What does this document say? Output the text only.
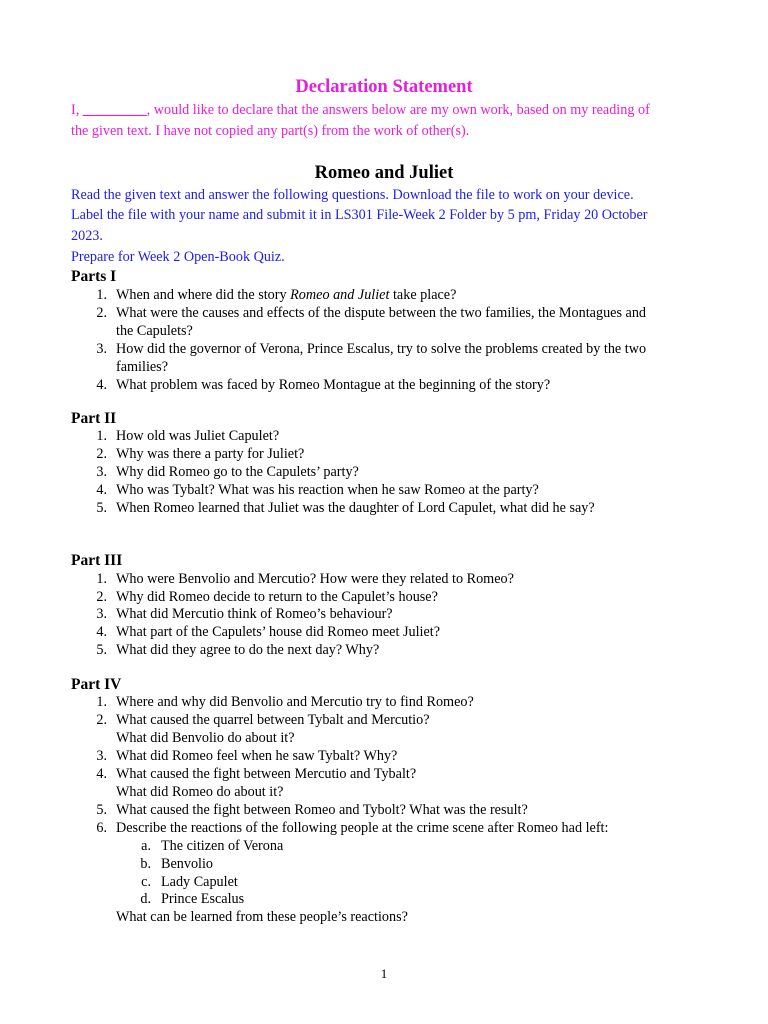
Declaration Statement
I, _________, would like to declare that the answers below are my own work, based on my reading of
the given text. I have not copied any part(s) from the work of other(s).
Romeo and Juliet
Read the given text and answer the following questions. Download the file to work on your device.
Label the file with your name and submit it in LS301 File-Week 2 Folder by 5 pm, Friday 20 October
2023.
Prepare for Week 2 Open-Book Quiz.
Parts I
1. When and where did the story Romeo and Juliet take place?
2. What were the causes and effects of the dispute between the two families, the Montagues and
the Capulets?
3. How did the governor of Verona, Prince Escalus, try to solve the problems created by the two
families?
4. What problem was faced by Romeo Montague at the beginning of the story?
Part II
1. How old was Juliet Capulet?
2. Why was there a party for Juliet?
3. Why did Romeo go to the Capulets’ party?
4. Who was Tybalt? What was his reaction when he saw Romeo at the party?
5. When Romeo learned that Juliet was the daughter of Lord Capulet, what did he say?
Part III
1. Who were Benvolio and Mercutio? How were they related to Romeo?
2. Why did Romeo decide to return to the Capulet’s house?
3. What did Mercutio think of Romeo’s behaviour?
4. What part of the Capulets’ house did Romeo meet Juliet?
5. What did they agree to do the next day? Why?
Part IV
1. Where and why did Benvolio and Mercutio try to find Romeo?
2. What caused the quarrel between Tybalt and Mercutio?
What did Benvolio do about it?
3. What did Romeo feel when he saw Tybalt? Why?
4. What caused the fight between Mercutio and Tybalt?
What did Romeo do about it?
5. What caused the fight between Romeo and Tybolt? What was the result?
6. Describe the reactions of the following people at the crime scene after Romeo had left:
a. The citizen of Verona
b. Benvolio
c. Lady Capulet
d. Prince Escalus
What can be learned from these people’s reactions?
1
